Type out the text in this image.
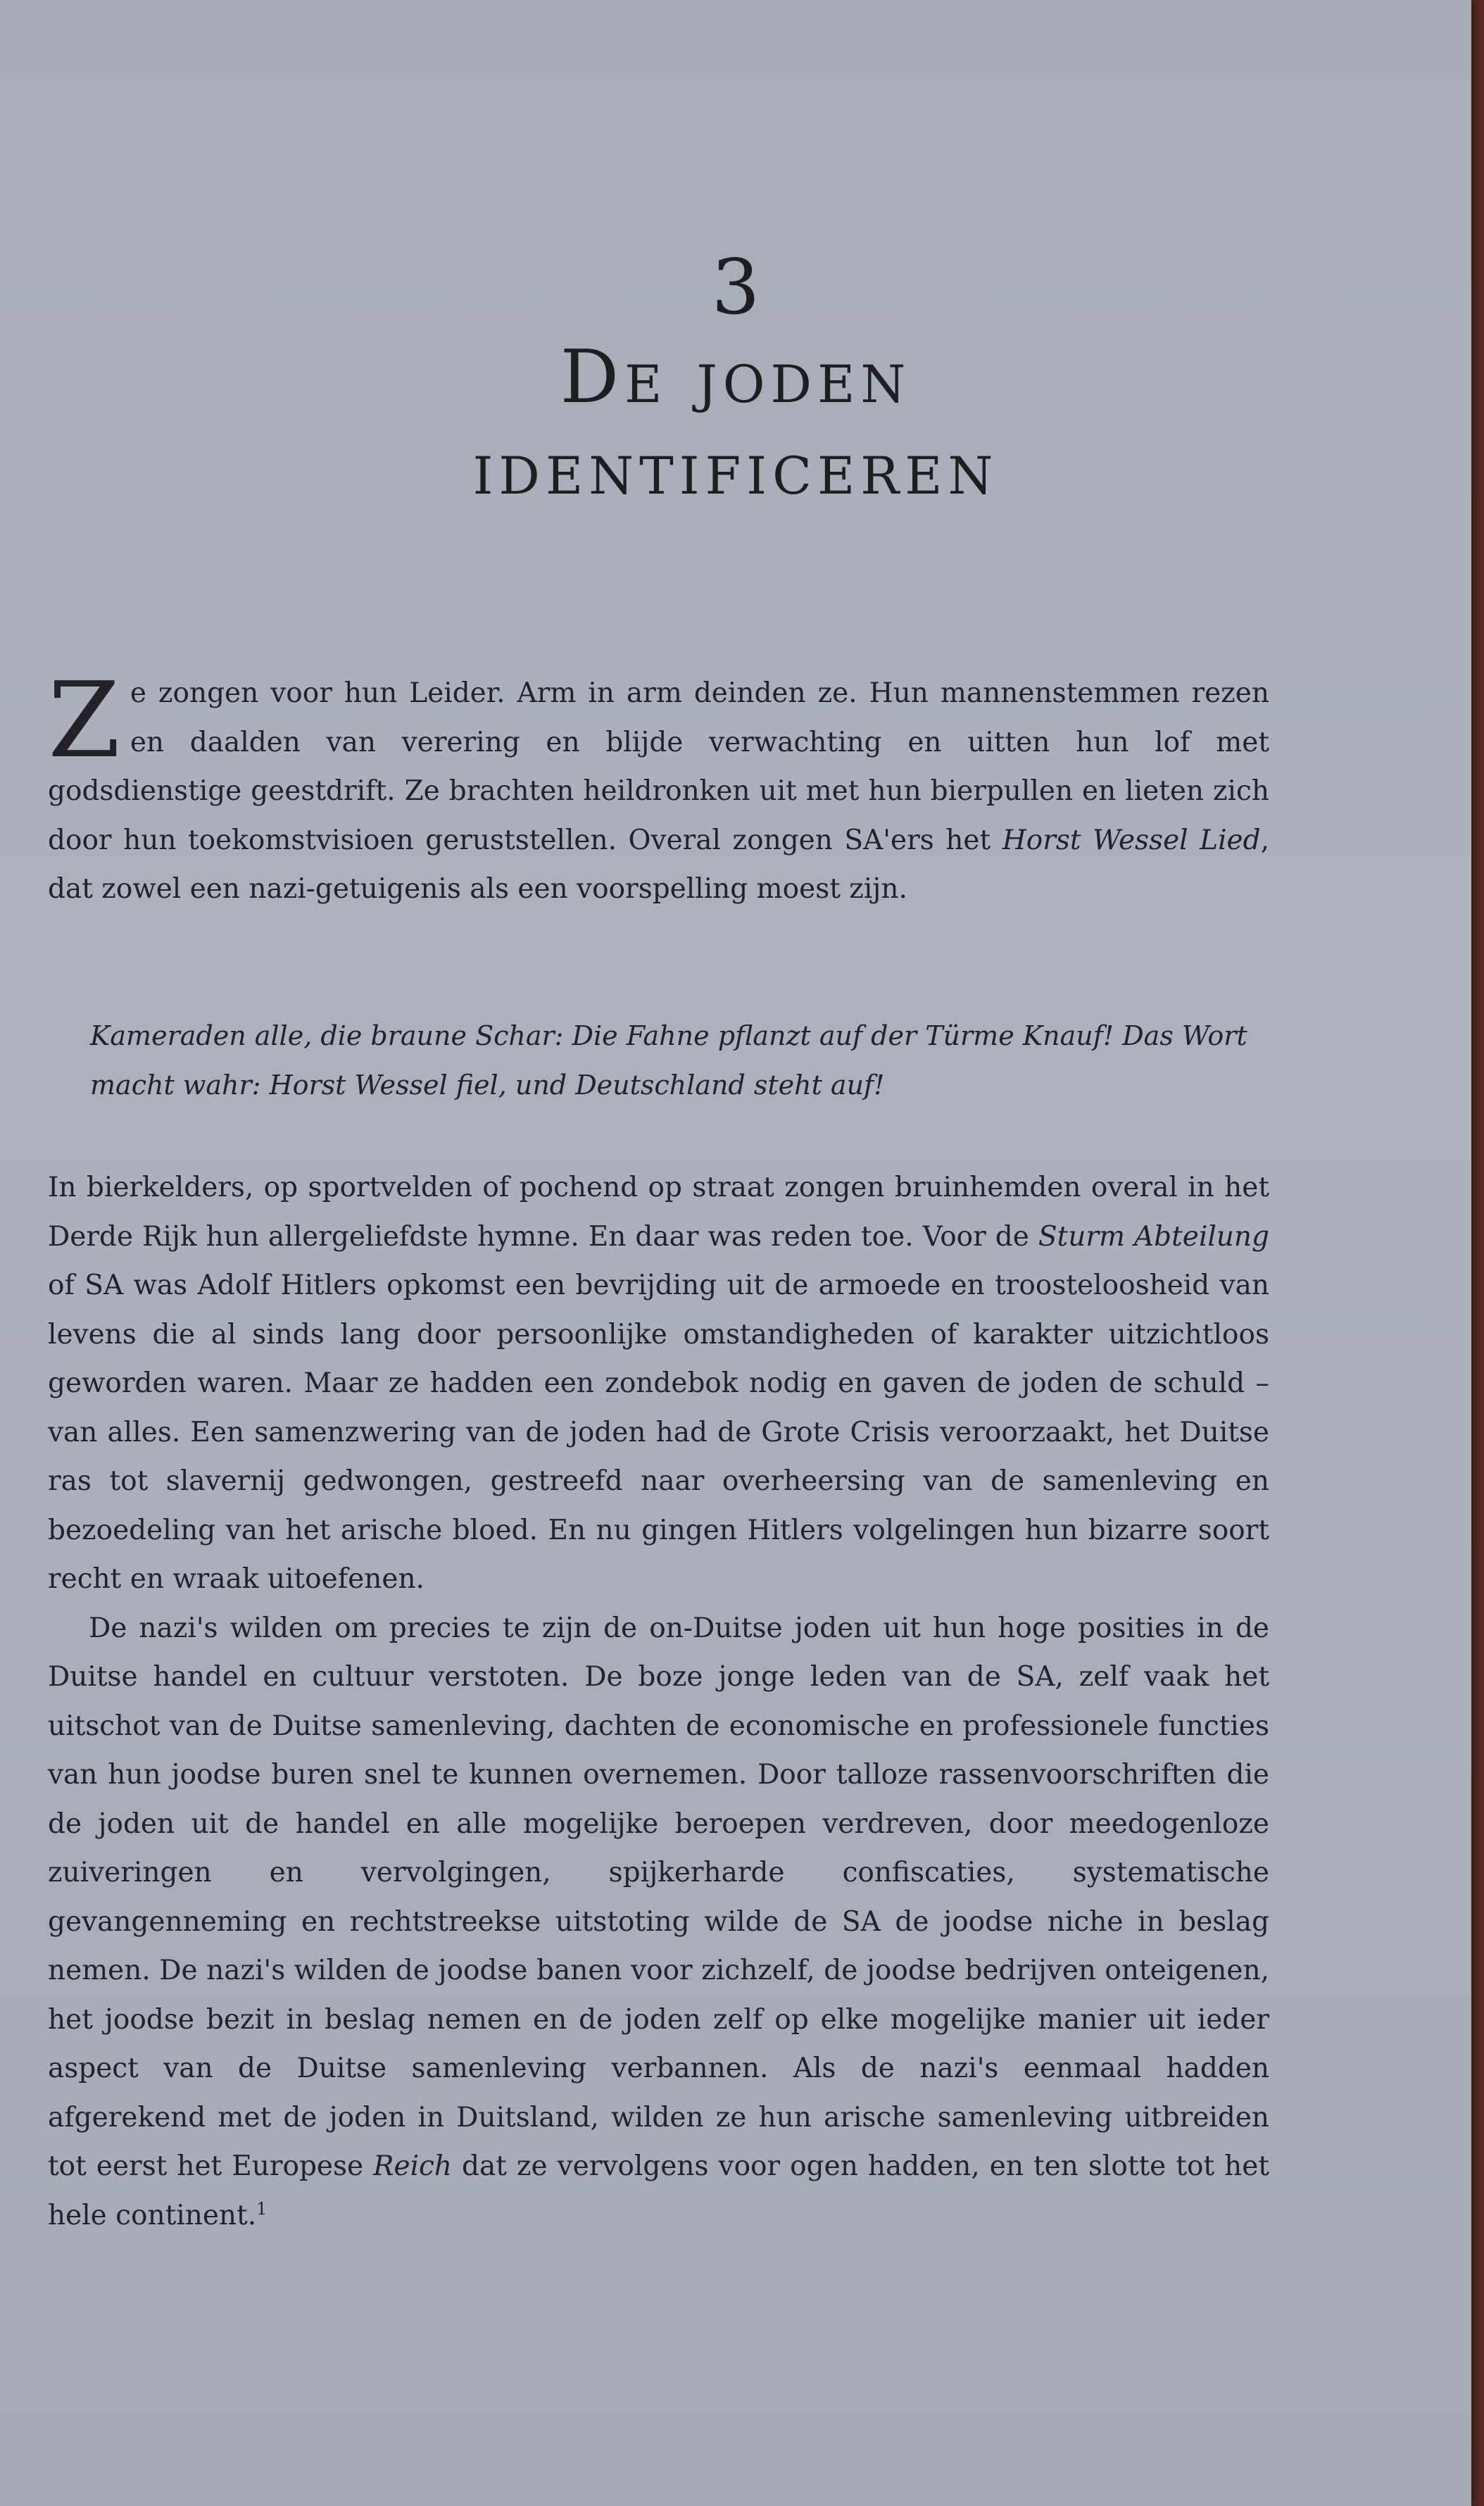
3
De joden
identificeren

Ze zongen voor hun Leider. Arm in arm deinden ze. Hun mannenstemmen rezen en daalden van verering en blijde verwachting en uitten hun lof met godsdienstige geestdrift. Ze brachten heildronken uit met hun bierpullen en lieten zich door hun toekomstvisioen geruststellen. Overal zongen SA'ers het Horst Wessel Lied, dat zowel een nazi-getuigenis als een voorspelling moest zijn.

Kameraden alle, die braune Schar: Die Fahne pflanzt auf der Türme Knauf! Das Wort macht wahr: Horst Wessel fiel, und Deutschland steht auf!

In bierkelders, op sportvelden of pochend op straat zongen bruinhemden overal in het Derde Rijk hun allergeliefdste hymne. En daar was reden toe. Voor de Sturm Abteilung of SA was Adolf Hitlers opkomst een bevrijding uit de armoede en troosteloosheid van levens die al sinds lang door persoonlijke omstandigheden of karakter uitzichtloos geworden waren. Maar ze hadden een zondebok nodig en gaven de joden de schuld – van alles. Een samenzwering van de joden had de Grote Crisis veroorzaakt, het Duitse ras tot slavernij gedwongen, gestreefd naar overheersing van de samenleving en bezoedeling van het arische bloed. En nu gingen Hitlers volgelingen hun bizarre soort recht en wraak uitoefenen.

De nazi's wilden om precies te zijn de on-Duitse joden uit hun hoge posities in de Duitse handel en cultuur verstoten. De boze jonge leden van de SA, zelf vaak het uitschot van de Duitse samenleving, dachten de economische en professionele functies van hun joodse buren snel te kunnen overnemen. Door talloze rassenvoorschriften die de joden uit de handel en alle mogelijke beroepen verdreven, door meedogenloze zuiveringen en vervolgingen, spijkerharde confiscaties, systematische gevangenneming en rechtstreekse uitstoting wilde de SA de joodse niche in beslag nemen. De nazi's wilden de joodse banen voor zichzelf, de joodse bedrijven onteigenen, het joodse bezit in beslag nemen en de joden zelf op elke mogelijke manier uit ieder aspect van de Duitse samenleving verbannen. Als de nazi's eenmaal hadden afgerekend met de joden in Duitsland, wilden ze hun arische samenleving uitbreiden tot eerst het Europese Reich dat ze vervolgens voor ogen hadden, en ten slotte tot het hele continent.$^1$
